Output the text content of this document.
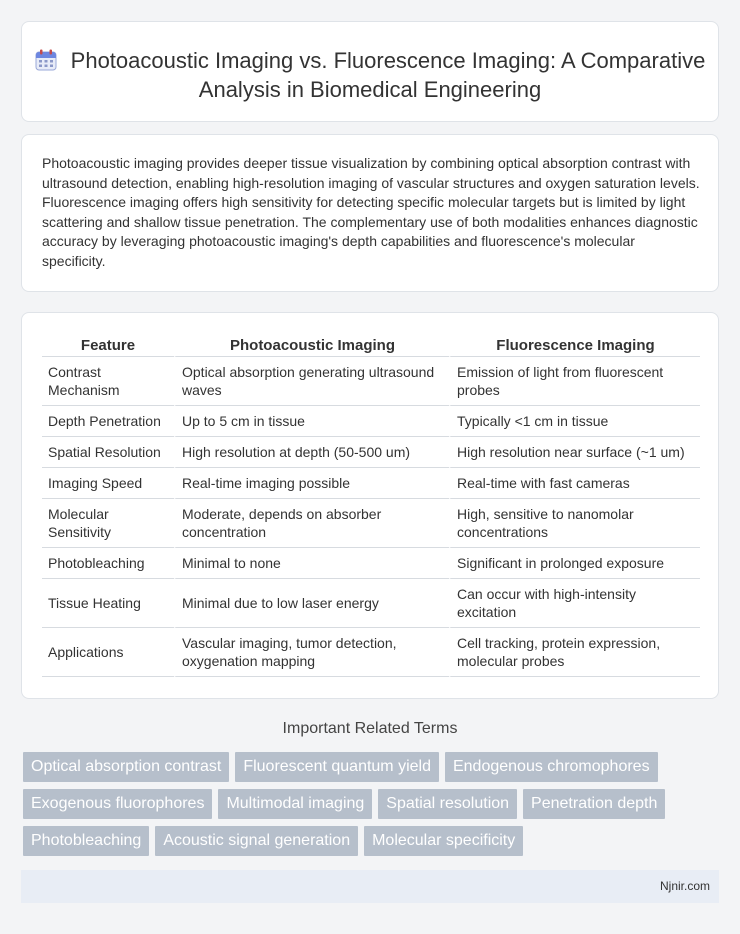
Photoacoustic Imaging vs. Fluorescence Imaging: A Comparative Analysis in Biomedical Engineering

Photoacoustic imaging provides deeper tissue visualization by combining optical absorption contrast with ultrasound detection, enabling high-resolution imaging of vascular structures and oxygen saturation levels. Fluorescence imaging offers high sensitivity for detecting specific molecular targets but is limited by light scattering and shallow tissue penetration. The complementary use of both modalities enhances diagnostic accuracy by leveraging photoacoustic imaging's depth capabilities and fluorescence's molecular specificity.

Feature	Photoacoustic Imaging	Fluorescence Imaging
Contrast Mechanism	Optical absorption generating ultrasound waves	Emission of light from fluorescent probes
Depth Penetration	Up to 5 cm in tissue	Typically <1 cm in tissue
Spatial Resolution	High resolution at depth (50-500 um)	High resolution near surface (~1 um)
Imaging Speed	Real-time imaging possible	Real-time with fast cameras
Molecular Sensitivity	Moderate, depends on absorber concentration	High, sensitive to nanomolar concentrations
Photobleaching	Minimal to none	Significant in prolonged exposure
Tissue Heating	Minimal due to low laser energy	Can occur with high-intensity excitation
Applications	Vascular imaging, tumor detection, oxygenation mapping	Cell tracking, protein expression, molecular probes
Important Related Terms
Optical absorption contrast	Fluorescent quantum yield	Endogenous chromophores
Exogenous fluorophores	Multimodal imaging	Spatial resolution	Penetration depth
Photobleaching	Acoustic signal generation	Molecular specificity
Njnir.com
